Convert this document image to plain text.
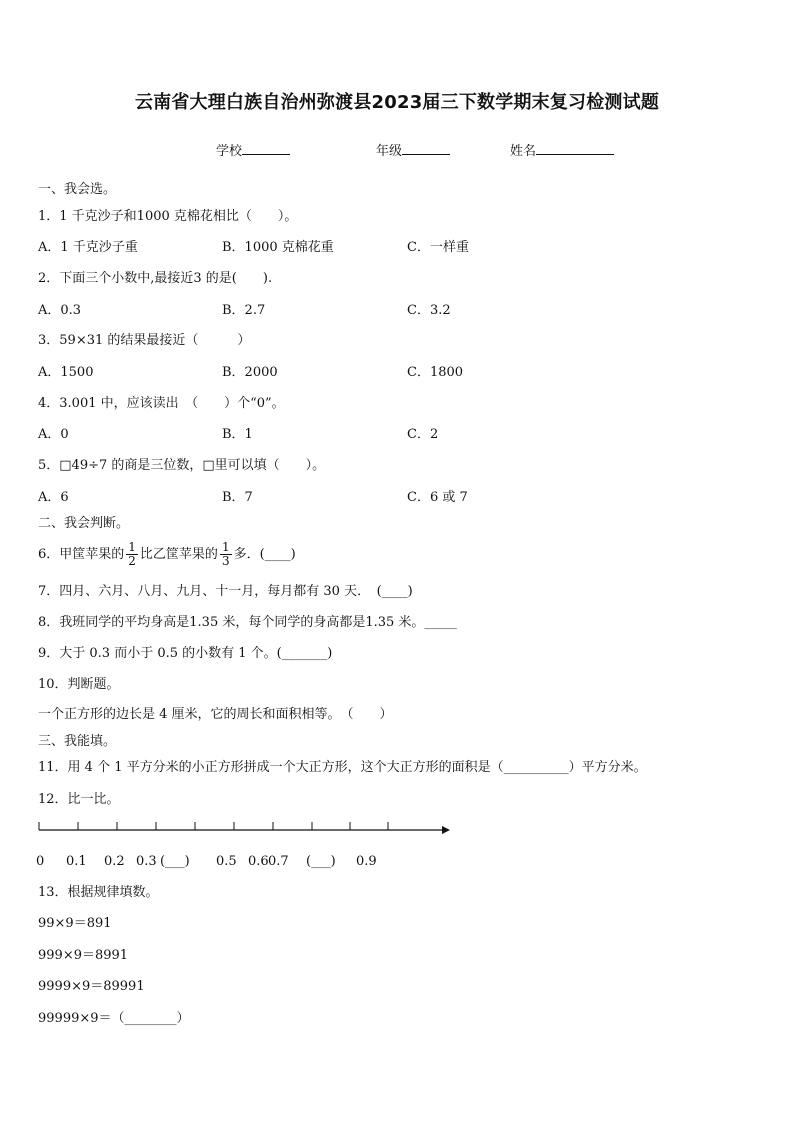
云南省大理白族自治州弥渡县2023届三下数学期末复习检测试题
学校	年级	姓名
一、我会选。
1．1 千克沙子和1000 克棉花相比（　　）。
A．1 千克沙子重	B．1000 克棉花重	C．一样重
2．下面三个小数中,最接近3 的是(　　).
A．0.3	B．2.7	C．3.2
3．59×31 的结果最接近（　　　）
A．1500	B．2000	C．1800
4．3.001 中，应该读出　（　　）个“0”。
A．0	B．1	C．2
5．□49÷7 的商是三位数，□里可以填（　　）。
A．6	B．7	C．6 或 7
二、我会判断。
6．甲筐苹果的 $\frac{1}{2}$ 比乙筐苹果的 $\frac{1}{3}$ 多．(____)
7．四月、六月、八月、九月、十一月，每月都有 30 天．　(____)
8．我班同学的平均身高是1.35 米，每个同学的身高都是1.35 米。_____
9．大于 0.3 而小于 0.5 的小数有 1 个。(_______)
10．判断题。
一个正方形的边长是 4 厘米，它的周长和面积相等。　（　　）
三、我能填。
11．用 4 个 1 平方分米的小正方形拼成一个大正方形，这个大正方形的面积是（__________）平方分米。
12．比一比。
0 0.1 0.2 0.3 (___) 0.5 0.6 0.7 (___) 0.9
13．根据规律填数。
99×9＝891
999×9＝8991
9999×9＝89991
99999×9＝（________）
